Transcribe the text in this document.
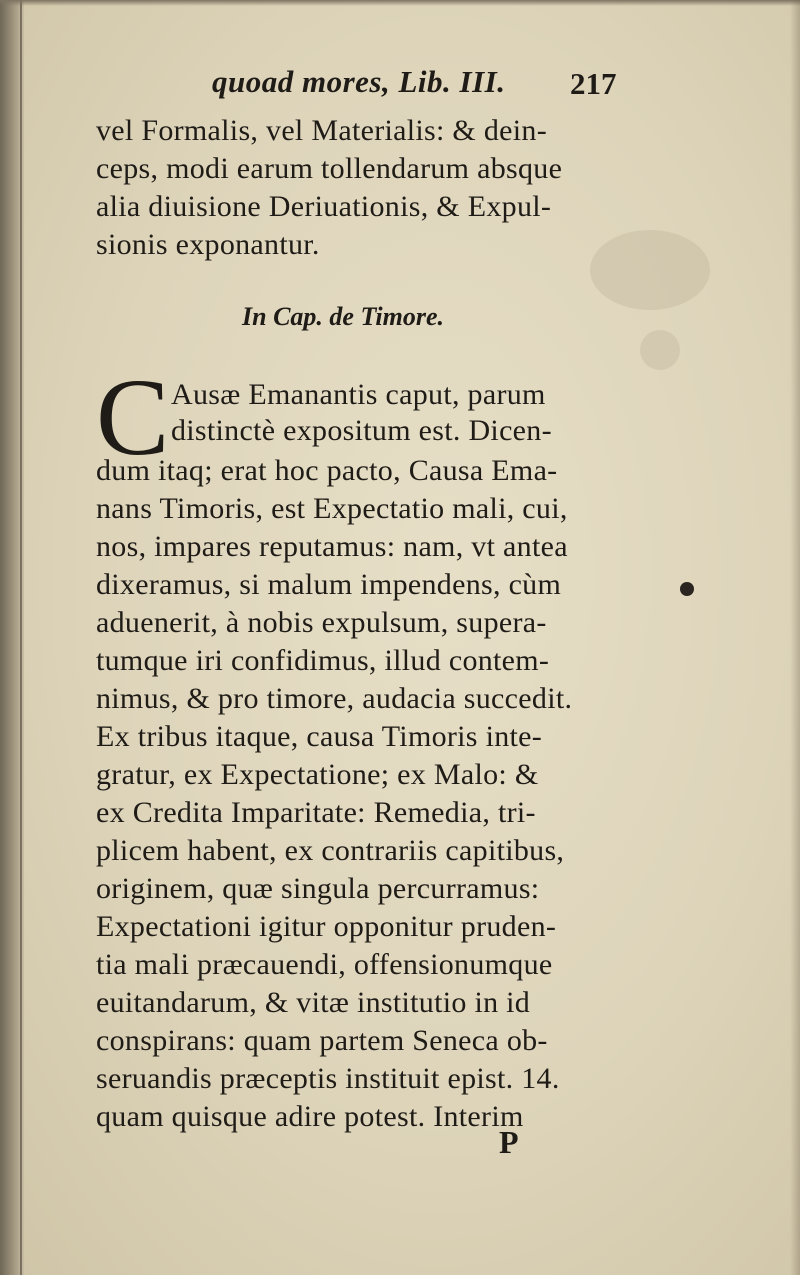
quoad mores, Lib. III. 217
vel Formalis, vel Materialis: & dein-
ceps, modi earum tollendarum absque
alia diuisione Deriuationis, & Expul-
sionis exponantur.
In Cap. de Timore.
C Ausæ Emanantis caput, parum
distinctè expositum est. Dicen-
dum itaq; erat hoc pacto, Causa Ema-
nans Timoris, est Expectatio mali, cui,
nos, impares reputamus: nam, vt antea
dixeramus, si malum impendens, cùm
aduenerit, à nobis expulsum, supera-
tumque iri confidimus, illud contem-
nimus, & pro timore, audacia succedit.
Ex tribus itaque, causa Timoris inte-
gratur, ex Expectatione; ex Malo: &
ex Credita Imparitate: Remedia, tri-
plicem habent, ex contrariis capitibus,
originem, quæ singula percurramus:
Expectationi igitur opponitur pruden-
tia mali præcauendi, offensionumque
euitandarum, & vitæ institutio in id
conspirans: quam partem Seneca ob-
seruandis præceptis instituit epist. 14.
quam quisque adire potest. Interim
P
